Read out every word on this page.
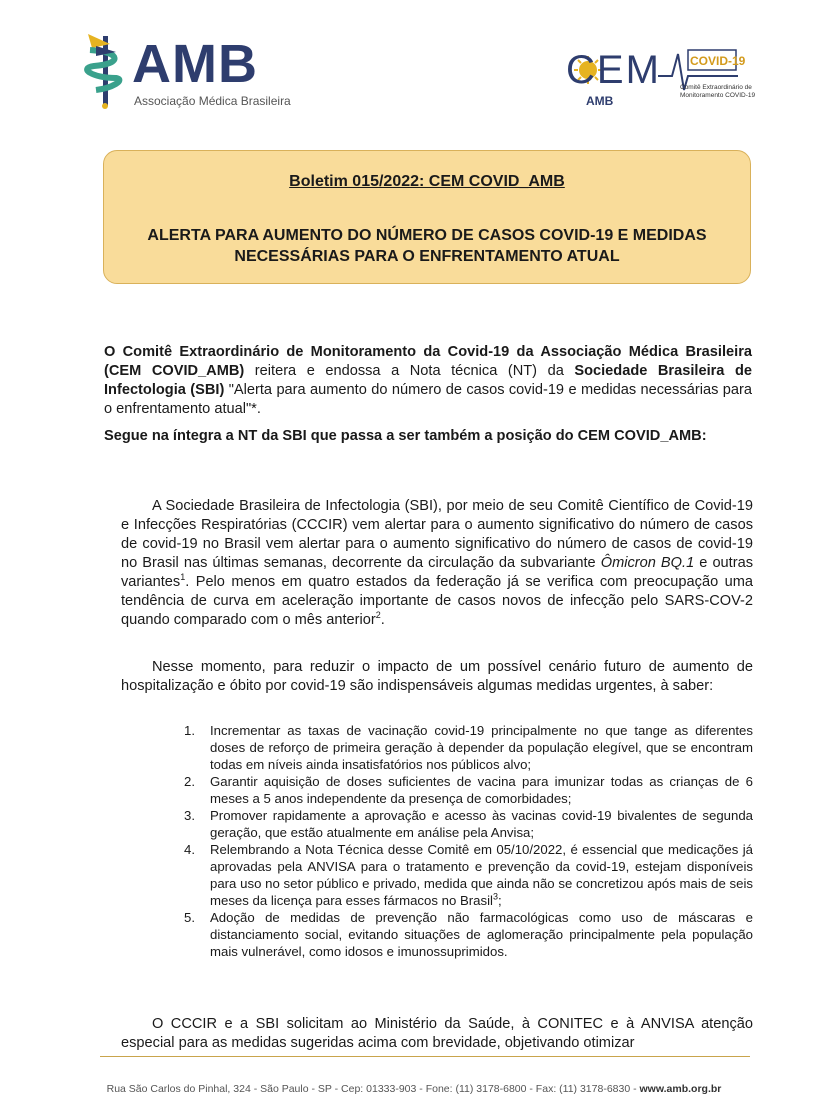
AMB
Associação Médica Brasileira
CEM COVID-19
Comitê Extraordinário de Monitoramento COVID-19
AMB
Boletim 015/2022: CEM COVID_AMB
ALERTA PARA AUMENTO DO NÚMERO DE CASOS COVID-19 E MEDIDAS NECESSÁRIAS PARA O ENFRENTAMENTO ATUAL
O Comitê Extraordinário de Monitoramento da Covid-19 da Associação Médica Brasileira (CEM COVID_AMB) reitera e endossa a Nota técnica (NT) da Sociedade Brasileira de Infectologia (SBI) "Alerta para aumento do número de casos covid-19 e medidas necessárias para o enfrentamento atual"*.
Segue na íntegra a NT da SBI que passa a ser também a posição do CEM COVID_AMB:
A Sociedade Brasileira de Infectologia (SBI), por meio de seu Comitê Científico de Covid-19 e Infecções Respiratórias (CCCIR) vem alertar para o aumento significativo do número de casos de covid-19 no Brasil vem alertar para o aumento significativo do número de casos de covid-19 no Brasil nas últimas semanas, decorrente da circulação da subvariante Ômicron BQ.1 e outras variantes$^1$. Pelo menos em quatro estados da federação já se verifica com preocupação uma tendência de curva em aceleração importante de casos novos de infecção pelo SARS-COV-2 quando comparado com o mês anterior$^2$.
Nesse momento, para reduzir o impacto de um possível cenário futuro de aumento de hospitalização e óbito por covid-19 são indispensáveis algumas medidas urgentes, à saber:
1. Incrementar as taxas de vacinação covid-19 principalmente no que tange as diferentes doses de reforço de primeira geração à depender da população elegível, que se encontram todas em níveis ainda insatisfatórios nos públicos alvo;
2. Garantir aquisição de doses suficientes de vacina para imunizar todas as crianças de 6 meses a 5 anos independente da presença de comorbidades;
3. Promover rapidamente a aprovação e acesso às vacinas covid-19 bivalentes de segunda geração, que estão atualmente em análise pela Anvisa;
4. Relembrando a Nota Técnica desse Comitê em 05/10/2022, é essencial que medicações já aprovadas pela ANVISA para o tratamento e prevenção da covid-19, estejam disponíveis para uso no setor público e privado, medida que ainda não se concretizou após mais de seis meses da licença para esses fármacos no Brasil$^3$;
5. Adoção de medidas de prevenção não farmacológicas como uso de máscaras e distanciamento social, evitando situações de aglomeração principalmente pela população mais vulnerável, como idosos e imunossuprimidos.
O CCCIR e a SBI solicitam ao Ministério da Saúde, à CONITEC e à ANVISA atenção especial para as medidas sugeridas acima com brevidade, objetivando otimizar
Rua São Carlos do Pinhal, 324 - São Paulo - SP - Cep: 01333-903 - Fone: (11) 3178-6800 - Fax: (11) 3178-6830 - www.amb.org.br
